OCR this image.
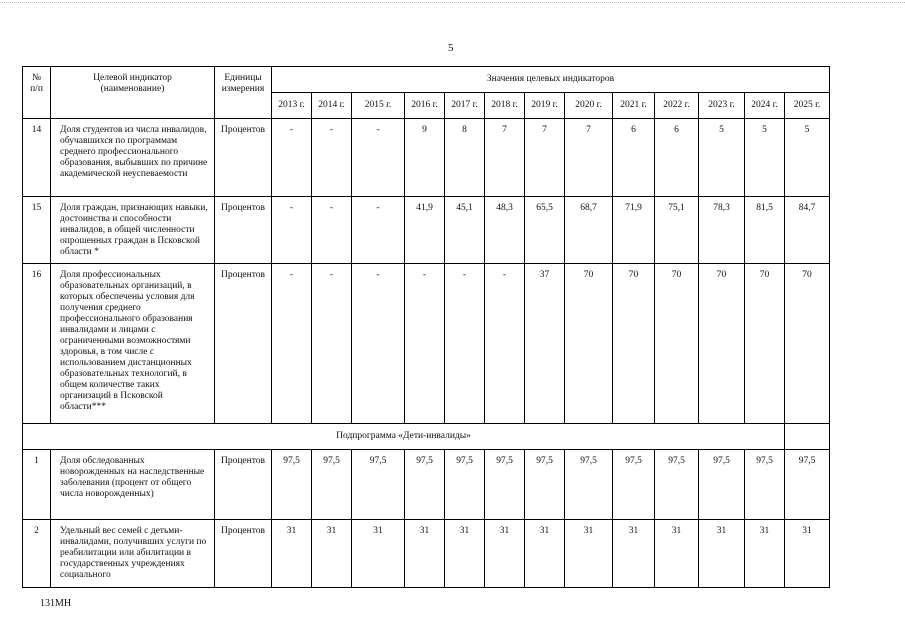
5
№
п/п	Целевой индикатор
(наименование)	Единицы
измерения	Значения целевых индикаторов												
			2013 г.	2014 г.	2015 г.	2016 г.	2017 г.	2018 г.	2019 г.	2020 г.	2021 г.	2022 г.	2023 г.	2024 г.	2025 г.
14	Доля студентов из числа инвалидов, обучавшихся по программам среднего профессионального образования, выбывших по причине академической неуспеваемости	Процентов	-	-	-	9	8	7	7	7	6	6	5	5	5
15	Доля граждан, признающих навыки, достоинства и способности инвалидов, в общей численности опрошенных граждан в Псковской области *	Процентов	-	-	-	41,9	45,1	48,3	65,5	68,7	71,9	75,1	78,3	81,5	84,7
16	Доля профессиональных образовательных организаций, в которых обеспечены условия для получения среднего профессионального образования инвалидами и лицами с ограниченными возможностями здоровья, в том числе с использованием дистанционных образовательных технологий, в общем количестве таких организаций в Псковской области***	Процентов	-	-	-	-	-	-	37	70	70	70	70	70	70
Подпрограмма «Дети-инвалиды»															
1	Доля обследованных новорожденных на наследственные заболевания (процент от общего числа новорожденных)	Процентов	97,5	97,5	97,5	97,5	97,5	97,5	97,5	97,5	97,5	97,5	97,5	97,5	97,5
2	Удельный вес семей с детьми-инвалидами, получивших услуги по реабилитации или абилитации в государственных учреждениях социального	Процентов	31	31	31	31	31	31	31	31	31	31	31	31	31
131МН
